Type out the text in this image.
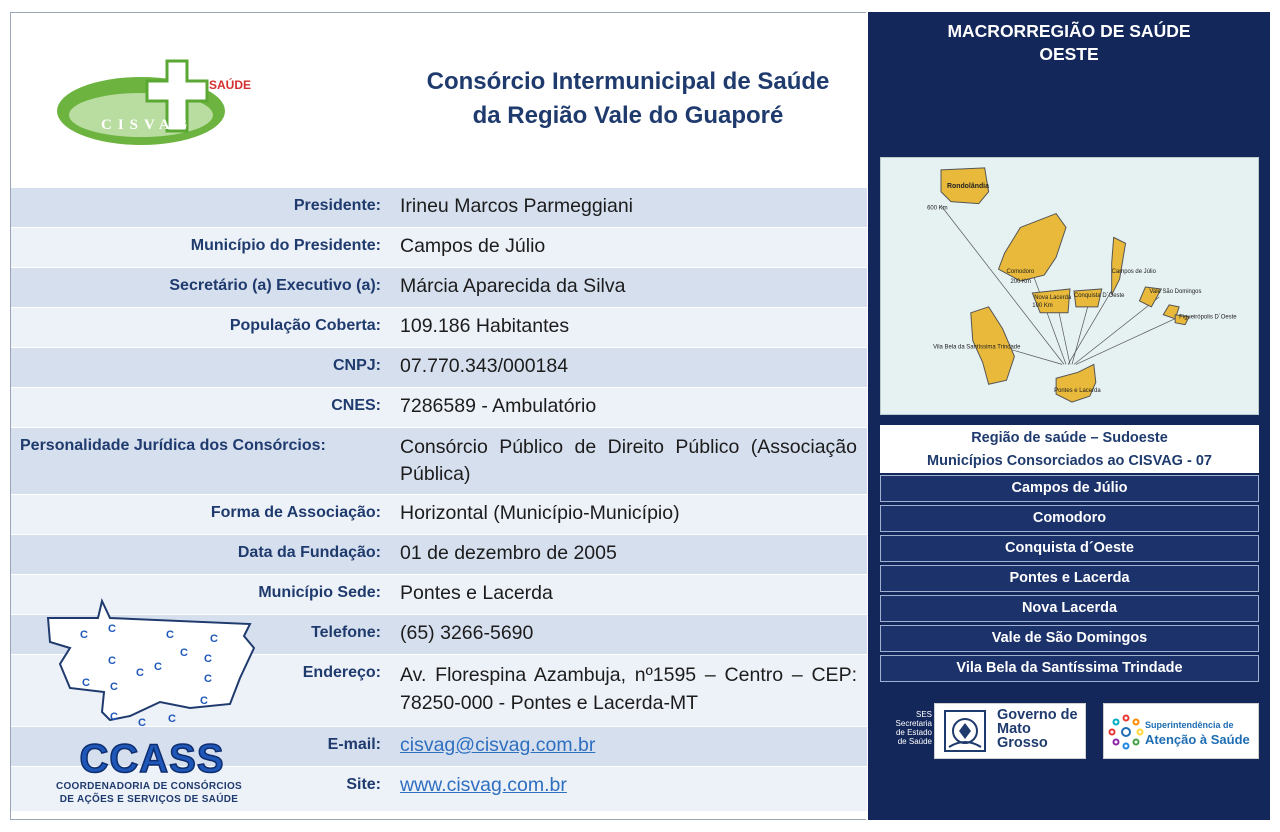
CISVAG
SAÚDE	Consórcio Intermunicipal de Saúde
da Região Vale do Guaporé
Presidente: Irineu Marcos Parmeggiani
Município do Presidente: Campos de Júlio
Secretário (a) Executivo (a): Márcia Aparecida da Silva
População Coberta: 109.186 Habitantes
CNPJ: 07.770.343/000184
CNES: 7286589 - Ambulatório
Personalidade Jurídica dos Consórcios:	Consórcio Público de Direito Público (Associação Pública)
Forma de Associação: Horizontal (Município-Município)
Data da Fundação: 01 de dezembro de 2005
Município Sede: Pontes e Lacerda
Telefone: (65) 3266-5690
Endereço: Av. Florespina Azambuja, nº1595 – Centro – CEP: 78250-000 - Pontes e Lacerda-MT
E-mail: cisvag@cisvag.com.br
Site: www.cisvag.com.br
C C	C	C
C C
C	C
C
C C
C
C C C
C
CCASS
COORDENADORIA DE CONSÓRCIOS
DE AÇÕES E SERVIÇOS DE SAÚDE
MACRORREGIÃO DE SAÚDE
OESTE
Rondolândia
600 Km
Comodoro
200 Km
Campos de Júlio
Nova Lacerda
100 Km
Conquista D´Oeste
Vale São Domingos
Figueirópolis D´Oeste
Vila Bela da Santíssima Trindade
Pontes e Lacerda
Região de saúde – Sudoeste
Municípios Consorciados ao CISVAG - 07
Campos de Júlio
Comodoro
Conquista d´Oeste
Pontes e Lacerda
Nova Lacerda
Vale de São Domingos
Vila Bela da Santíssima Trindade
SES
Secretaria
de Estado
de Saúde
Governo de
Mato
Grosso
Superintendência de
Atenção à Saúde
